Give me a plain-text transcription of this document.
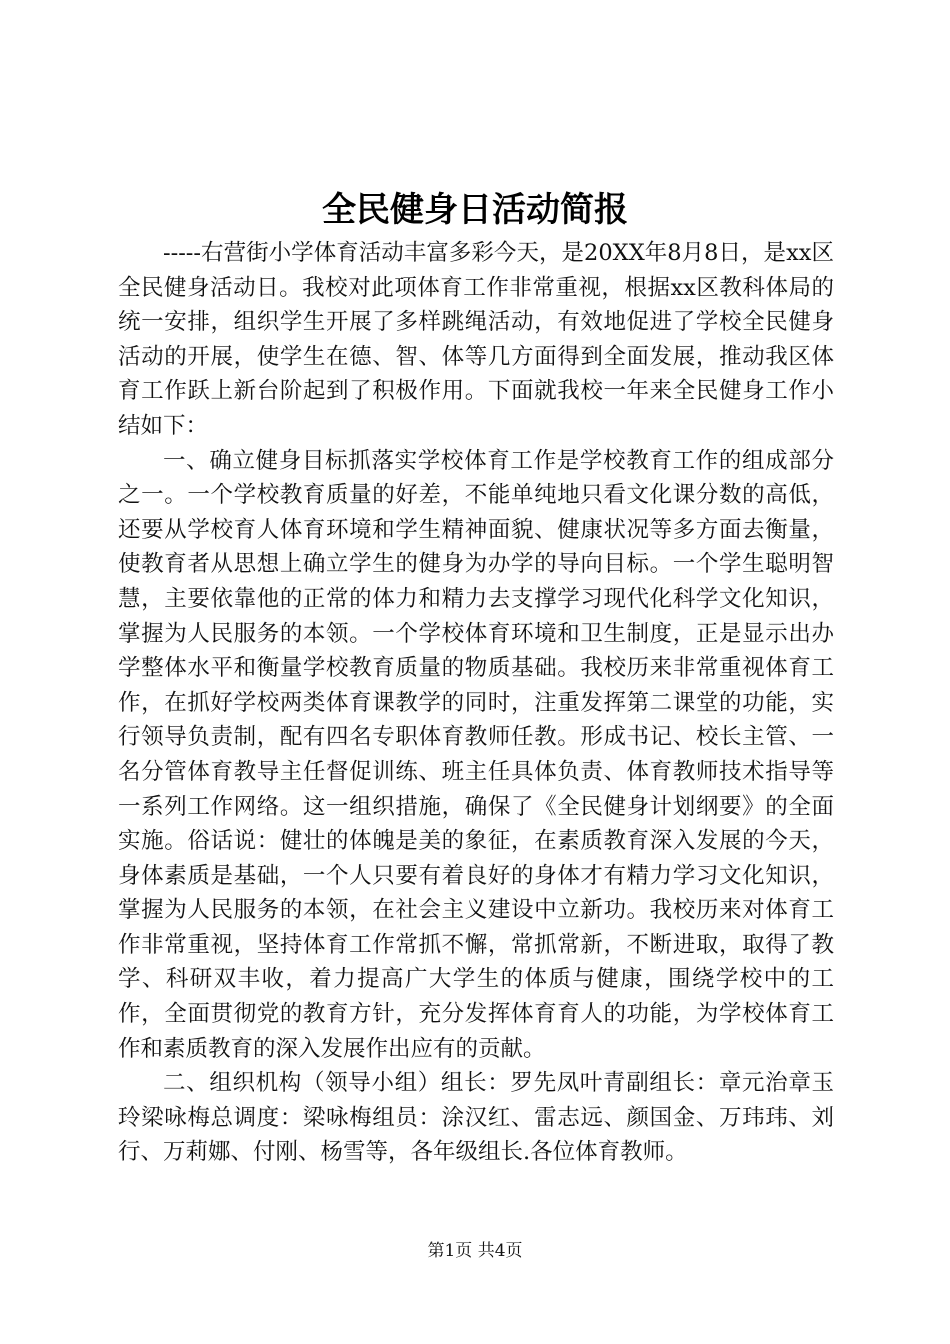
全民健身日活动简报

-----右营街小学体育活动丰富多彩今天，是20XX年8月8日，是xx区全民健身活动日。我校对此项体育工作非常重视，根据xx区教科体局的统一安排，组织学生开展了多样跳绳活动，有效地促进了学校全民健身活动的开展，使学生在德、智、体等几方面得到全面发展，推动我区体育工作跃上新台阶起到了积极作用。下面就我校一年来全民健身工作小结如下：

一、确立健身目标抓落实学校体育工作是学校教育工作的组成部分之一。一个学校教育质量的好差，不能单纯地只看文化课分数的高低，还要从学校育人体育环境和学生精神面貌、健康状况等多方面去衡量，使教育者从思想上确立学生的健身为办学的导向目标。一个学生聪明智慧，主要依靠他的正常的体力和精力去支撑学习现代化科学文化知识，掌握为人民服务的本领。一个学校体育环境和卫生制度，正是显示出办学整体水平和衡量学校教育质量的物质基础。我校历来非常重视体育工作，在抓好学校两类体育课教学的同时，注重发挥第二课堂的功能，实行领导负责制，配有四名专职体育教师任教。形成书记、校长主管、一名分管体育教导主任督促训练、班主任具体负责、体育教师技术指导等一系列工作网络。这一组织措施，确保了《全民健身计划纲要》的全面实施。俗话说：健壮的体魄是美的象征，在素质教育深入发展的今天，身体素质是基础，一个人只要有着良好的身体才有精力学习文化知识，掌握为人民服务的本领，在社会主义建设中立新功。我校历来对体育工作非常重视，坚持体育工作常抓不懈，常抓常新，不断进取，取得了教学、科研双丰收，着力提高广大学生的体质与健康，围绕学校中的工作，全面贯彻党的教育方针，充分发挥体育育人的功能，为学校体育工作和素质教育的深入发展作出应有的贡献。

二、组织机构（领导小组）组长：罗先凤叶青副组长：章元治章玉玲梁咏梅总调度：梁咏梅组员：涂汉红、雷志远、颜国金、万玮玮、刘行、万莉娜、付刚、杨雪等，各年级组长.各位体育教师。

第1页 共4页
